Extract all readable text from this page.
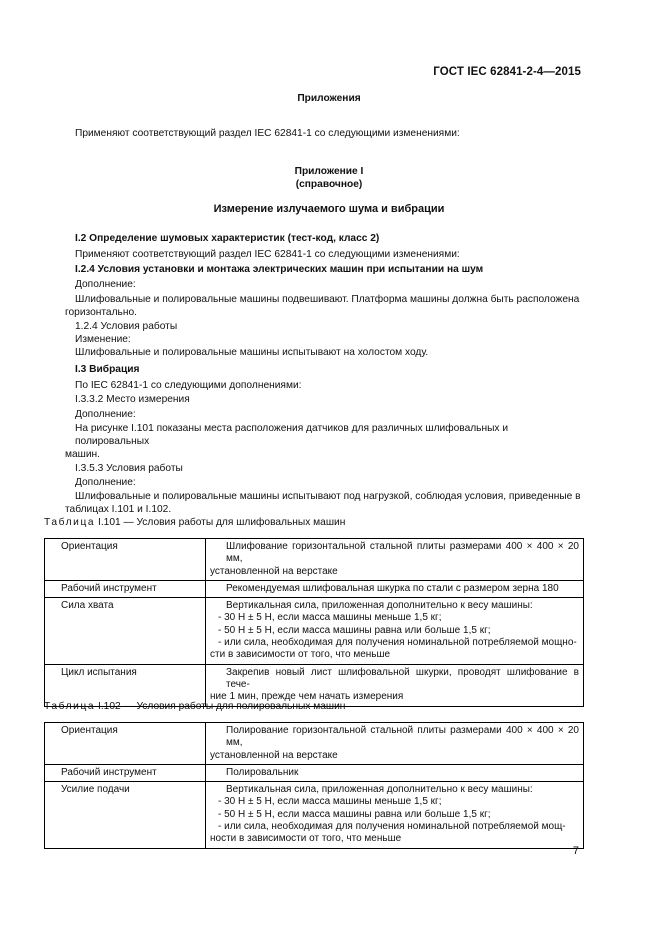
ГОСТ IEC 62841-2-4—2015

Приложения

Применяют соответствующий раздел IEC 62841-1 со следующими изменениями:

Приложение I

(справочное)

Измерение излучаемого шума и вибрации

I.2 Определение шумовых характеристик (тест-код, класс 2)

Применяют соответствующий раздел IEC 62841-1 со следующими изменениями:

I.2.4 Условия установки и монтажа электрических машин при испытании на шум

Дополнение:

Шлифовальные и полировальные машины подвешивают. Платформа машины должна быть расположена

горизонтально.

1.2.4 Условия работы

Изменение:

Шлифовальные и полировальные машины испытывают на холостом ходу.

I.3 Вибрация

По IEC 62841-1 со следующими дополнениями:

I.3.3.2 Место измерения

Дополнение:

На рисунке I.101 показаны места расположения датчиков для различных шлифовальных и полировальных

машин.

I.3.5.3 Условия работы

Дополнение:

Шлифовальные и полировальные машины испытывают под нагрузкой, соблюдая условия, приведенные в

таблицах I.101 и I.102.

Таблица I.101 — Условия работы для шлифовальных машин

Ориентация	Шлифование горизонтальной стальной плиты размерами 400 × 400 × 20 мм,
установленной на верстаке

Рабочий инструмент	Рекомендуемая шлифовальная шкурка по стали с размером зерна 180

Сила хвата	Вертикальная сила, приложенная дополнительно к весу машины:
- 30 Н ± 5 Н, если масса машины меньше 1,5 кг;
- 50 Н ± 5 Н, если масса машины равна или больше 1,5 кг;
- или сила, необходимая для получения номинальной потребляемой мощно-
сти в зависимости от того, что меньше

Цикл испытания	Закрепив новый лист шлифовальной шкурки, проводят шлифование в тече-
ние 1 мин, прежде чем начать измерения

Таблица I.102 — Условия работы для полировальных машин

Ориентация	Полирование горизонтальной стальной плиты размерами 400 × 400 × 20 мм,
установленной на верстаке

Рабочий инструмент	Полировальник

Усилие подачи	Вертикальная сила, приложенная дополнительно к весу машины:
- 30 Н ± 5 Н, если масса машины меньше 1,5 кг;
- 50 Н ± 5 Н, если масса машины равна или больше 1,5 кг;
- или сила, необходимая для получения номинальной потребляемой мощ-
ности в зависимости от того, что меньше
7
